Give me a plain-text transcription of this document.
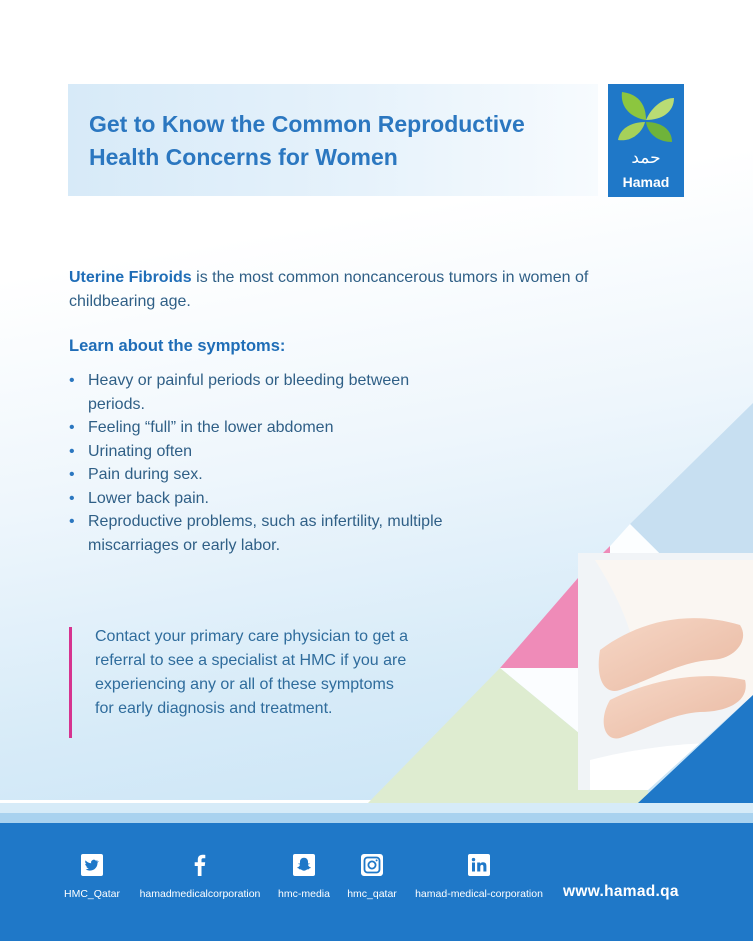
Get to Know the Common Reproductive
Health Concerns for Women	حمد
Hamad
Uterine Fibroids is the most common noncancerous tumors in women of childbearing age.
Learn about the symptoms:
• Heavy or painful periods or bleeding between periods.
• Feeling “full” in the lower abdomen
• Urinating often
• Pain during sex.
• Lower back pain.
• Reproductive problems, such as infertility, multiple miscarriages or early labor.
Contact your primary care physician to get a referral to see a specialist at HMC if you are experiencing any or all of these symptoms for early diagnosis and treatment.
HMC_Qatar	hamadmedicalcorporation	hmc-media	hmc_qatar	hamad-medical-corporation www.hamad.qa
